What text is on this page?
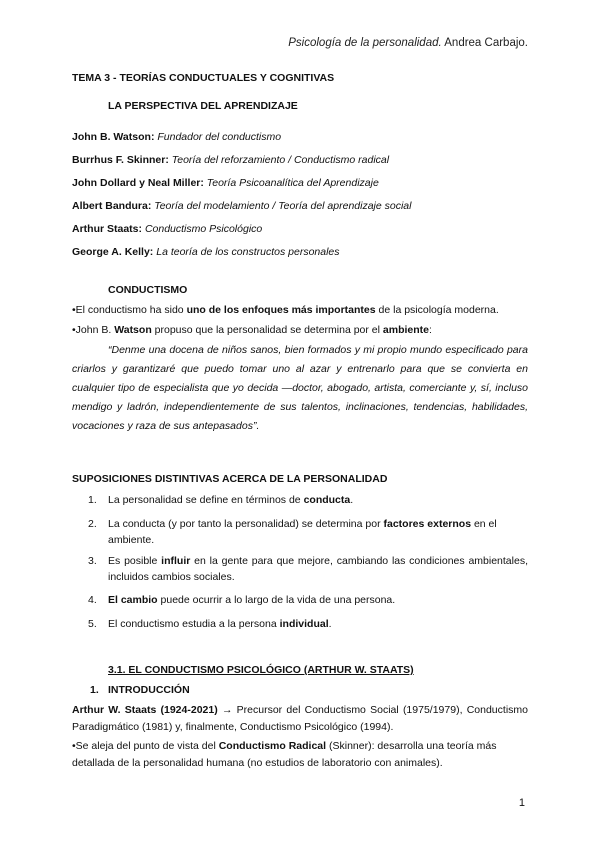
Psicología de la personalidad. Andrea Carbajo.
TEMA 3 - TEORÍAS CONDUCTUALES Y COGNITIVAS
LA PERSPECTIVA DEL APRENDIZAJE
John B. Watson: Fundador del conductismo
Burrhus F. Skinner: Teoría del reforzamiento / Conductismo radical
John Dollard y Neal Miller: Teoría Psicoanalítica del Aprendizaje
Albert Bandura: Teoría del modelamiento / Teoría del aprendizaje social
Arthur Staats: Conductismo Psicológico
George A. Kelly: La teoría de los constructos personales
CONDUCTISMO
•El conductismo ha sido uno de los enfoques más importantes de la psicología moderna.
•John B. Watson propuso que la personalidad se determina por el ambiente:
“Denme una docena de niños sanos, bien formados y mi propio mundo especificado para criarlos y garantizaré que puedo tomar uno al azar y entrenarlo para que se convierta en cualquier tipo de especialista que yo decida —doctor, abogado, artista, comerciante y, sí, incluso mendigo y ladrón, independientemente de sus talentos, inclinaciones, tendencias, habilidades, vocaciones y raza de sus antepasados”.
SUPOSICIONES DISTINTIVAS ACERCA DE LA PERSONALIDAD
1. La personalidad se define en términos de conducta.
2. La conducta (y por tanto la personalidad) se determina por factores externos en el ambiente.
3. Es posible influir en la gente para que mejore, cambiando las condiciones ambientales, incluidos cambios sociales.
4. El cambio puede ocurrir a lo largo de la vida de una persona.
5. El conductismo estudia a la persona individual.
3.1. EL CONDUCTISMO PSICOLÓGICO (ARTHUR W. STAATS)
1. INTRODUCCIÓN
Arthur W. Staats (1924-2021) → Precursor del Conductismo Social (1975/1979), Conductismo Paradigmático (1981) y, finalmente, Conductismo Psicológico (1994).
•Se aleja del punto de vista del Conductismo Radical (Skinner): desarrolla una teoría más detallada de la personalidad humana (no estudios de laboratorio con animales).
1
